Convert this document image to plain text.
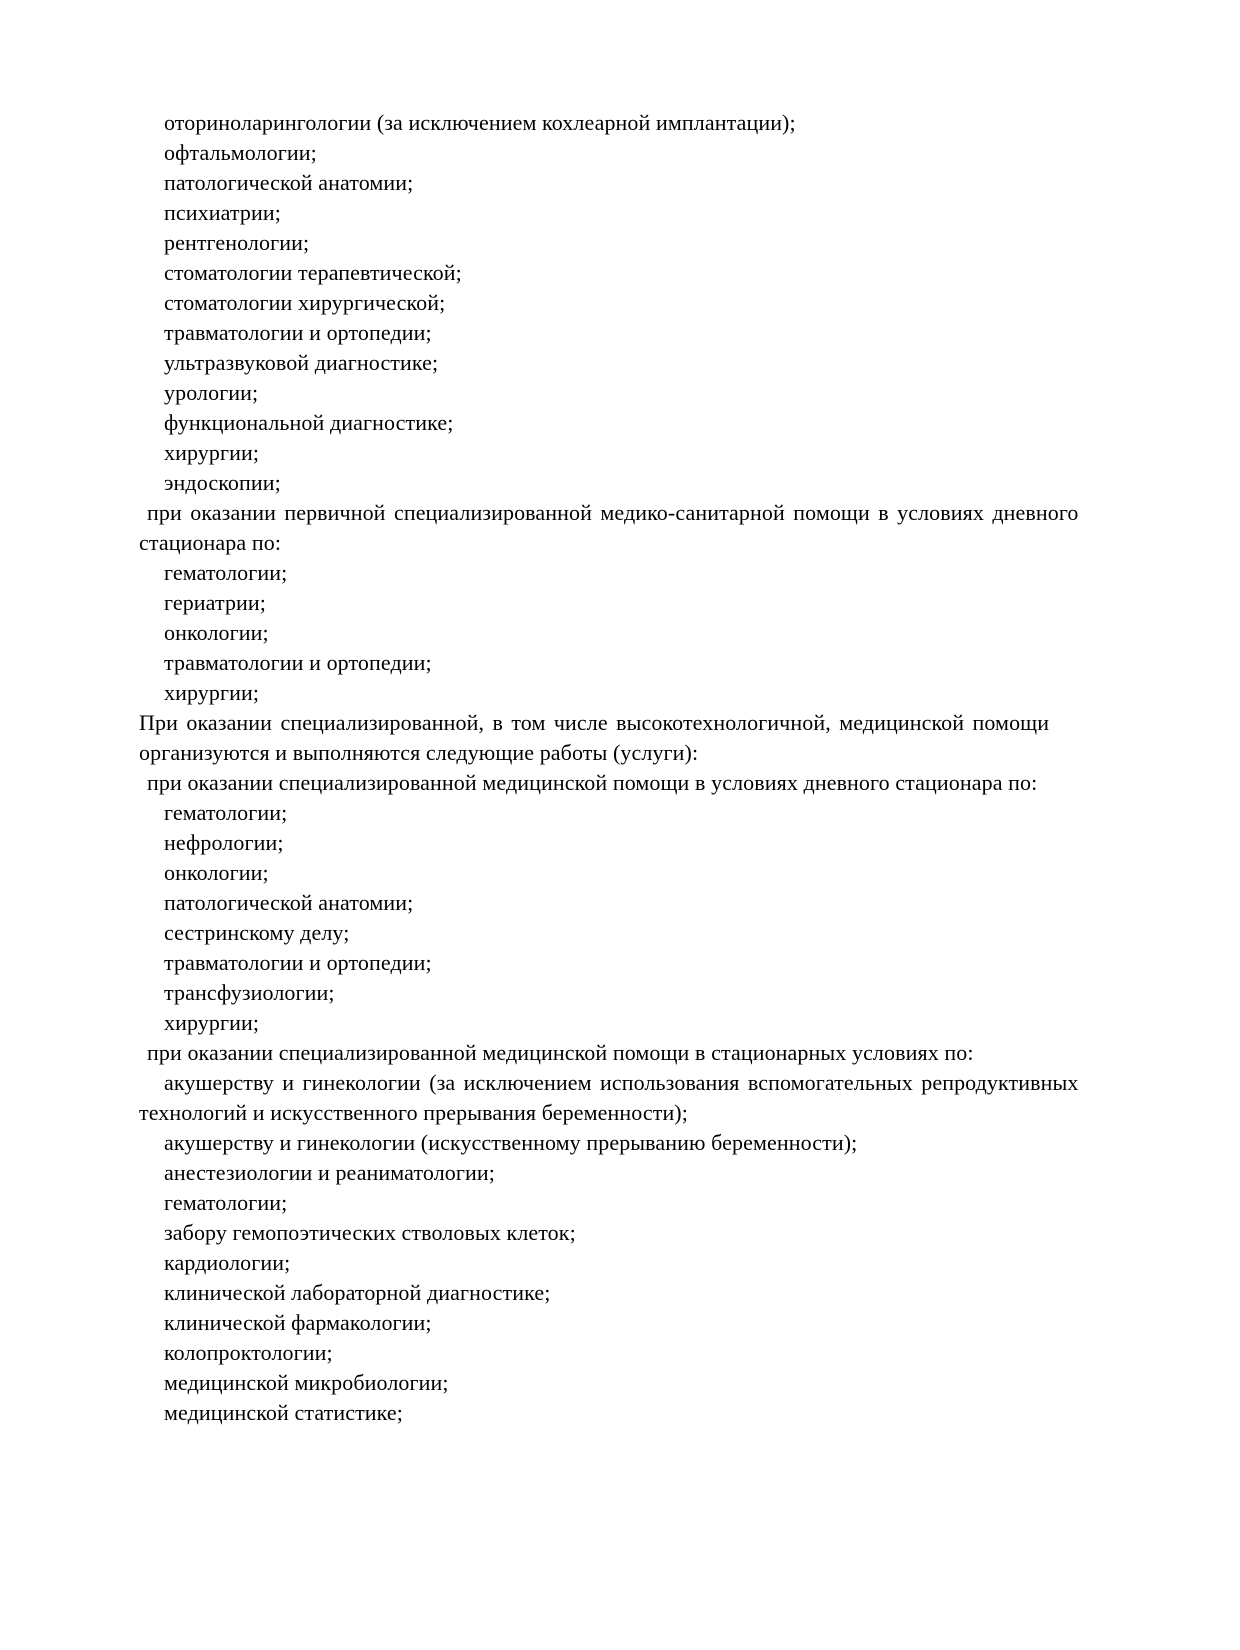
оториноларингологии (за исключением кохлеарной имплантации);
офтальмологии;
патологической анатомии;
психиатрии;
рентгенологии;
стоматологии терапевтической;
стоматологии хирургической;
травматологии и ортопедии;
ультразвуковой диагностике;
урологии;
функциональной диагностике;
хирургии;
эндоскопии;
при оказании первичной специализированной медико-санитарной помощи в условиях дневного
стационара по:
гематологии;
гериатрии;
онкологии;
травматологии и ортопедии;
хирургии;
При оказании специализированной, в том числе высокотехнологичной, медицинской помощи
организуются и выполняются следующие работы (услуги):
при оказании специализированной медицинской помощи в условиях дневного стационара по:
гематологии;
нефрологии;
онкологии;
патологической анатомии;
сестринскому делу;
травматологии и ортопедии;
трансфузиологии;
хирургии;
при оказании специализированной медицинской помощи в стационарных условиях по:
акушерству и гинекологии (за исключением использования вспомогательных репродуктивных
технологий и искусственного прерывания беременности);
акушерству и гинекологии (искусственному прерыванию беременности);
анестезиологии и реаниматологии;
гематологии;
забору гемопоэтических стволовых клеток;
кардиологии;
клинической лабораторной диагностике;
клинической фармакологии;
колопроктологии;
медицинской микробиологии;
медицинской статистике;
